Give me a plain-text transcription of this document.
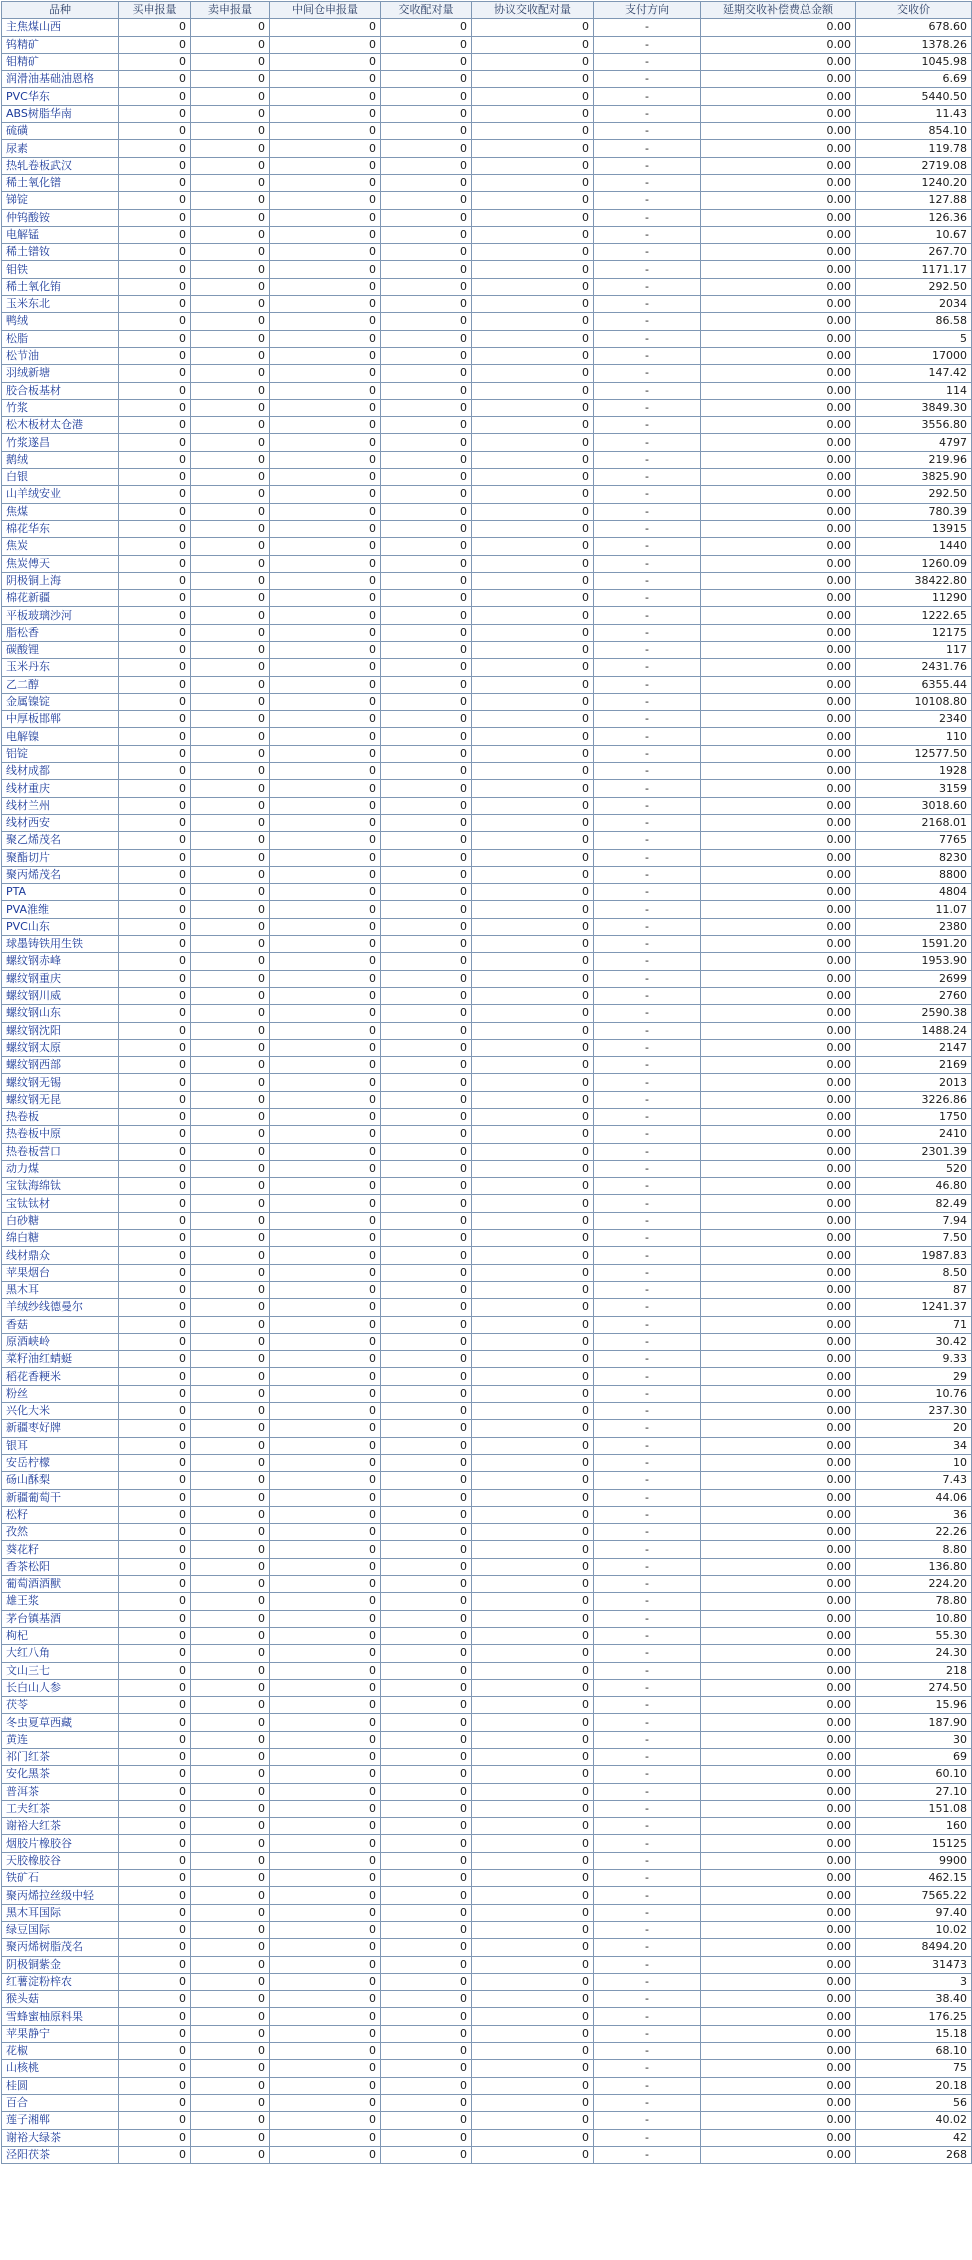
品种	买申报量	卖申报量	中间仓申报量	交收配对量	协议交收配对量	支付方向	延期交收补偿费总金额	交收价
主焦煤山西	0	0	0	0	0	-	0.00	678.60
钨精矿	0	0	0	0	0	-	0.00	1378.26
钼精矿	0	0	0	0	0	-	0.00	1045.98
润滑油基础油恩格	0	0	0	0	0	-	0.00	6.69
PVC华东	0	0	0	0	0	-	0.00	5440.50
ABS树脂华南	0	0	0	0	0	-	0.00	11.43
硫磺	0	0	0	0	0	-	0.00	854.10
尿素	0	0	0	0	0	-	0.00	119.78
热轧卷板武汉	0	0	0	0	0	-	0.00	2719.08
稀土氧化镨	0	0	0	0	0	-	0.00	1240.20
锑锭	0	0	0	0	0	-	0.00	127.88
仲钨酸铵	0	0	0	0	0	-	0.00	126.36
电解锰	0	0	0	0	0	-	0.00	10.67
稀土镨钕	0	0	0	0	0	-	0.00	267.70
钼铁	0	0	0	0	0	-	0.00	1171.17
稀土氧化铕	0	0	0	0	0	-	0.00	292.50
玉米东北	0	0	0	0	0	-	0.00	2034
鸭绒	0	0	0	0	0	-	0.00	86.58
松脂	0	0	0	0	0	-	0.00	5
松节油	0	0	0	0	0	-	0.00	17000
羽绒新塘	0	0	0	0	0	-	0.00	147.42
胶合板基材	0	0	0	0	0	-	0.00	114
竹浆	0	0	0	0	0	-	0.00	3849.30
松木板材太仓港	0	0	0	0	0	-	0.00	3556.80
竹浆遂昌	0	0	0	0	0	-	0.00	4797
鹅绒	0	0	0	0	0	-	0.00	219.96
白银	0	0	0	0	0	-	0.00	3825.90
山羊绒安业	0	0	0	0	0	-	0.00	292.50
焦煤	0	0	0	0	0	-	0.00	780.39
棉花华东	0	0	0	0	0	-	0.00	13915
焦炭	0	0	0	0	0	-	0.00	1440
焦炭傅天	0	0	0	0	0	-	0.00	1260.09
阴极铜上海	0	0	0	0	0	-	0.00	38422.80
棉花新疆	0	0	0	0	0	-	0.00	11290
平板玻璃沙河	0	0	0	0	0	-	0.00	1222.65
脂松香	0	0	0	0	0	-	0.00	12175
碳酸锂	0	0	0	0	0	-	0.00	117
玉米丹东	0	0	0	0	0	-	0.00	2431.76
乙二醇	0	0	0	0	0	-	0.00	6355.44
金属镍锭	0	0	0	0	0	-	0.00	10108.80
中厚板邯郸	0	0	0	0	0	-	0.00	2340
电解镍	0	0	0	0	0	-	0.00	110
铝锭	0	0	0	0	0	-	0.00	12577.50
线材成都	0	0	0	0	0	-	0.00	1928
线材重庆	0	0	0	0	0	-	0.00	3159
线材兰州	0	0	0	0	0	-	0.00	3018.60
线材西安	0	0	0	0	0	-	0.00	2168.01
聚乙烯茂名	0	0	0	0	0	-	0.00	7765
聚酯切片	0	0	0	0	0	-	0.00	8230
聚丙烯茂名	0	0	0	0	0	-	0.00	8800
PTA	0	0	0	0	0	-	0.00	4804
PVA淮维	0	0	0	0	0	-	0.00	11.07
PVC山东	0	0	0	0	0	-	0.00	2380
球墨铸铁用生铁	0	0	0	0	0	-	0.00	1591.20
螺纹钢赤峰	0	0	0	0	0	-	0.00	1953.90
螺纹钢重庆	0	0	0	0	0	-	0.00	2699
螺纹钢川威	0	0	0	0	0	-	0.00	2760
螺纹钢山东	0	0	0	0	0	-	0.00	2590.38
螺纹钢沈阳	0	0	0	0	0	-	0.00	1488.24
螺纹钢太原	0	0	0	0	0	-	0.00	2147
螺纹钢西部	0	0	0	0	0	-	0.00	2169
螺纹钢无锡	0	0	0	0	0	-	0.00	2013
螺纹钢无昆	0	0	0	0	0	-	0.00	3226.86
热卷板	0	0	0	0	0	-	0.00	1750
热卷板中原	0	0	0	0	0	-	0.00	2410
热卷板营口	0	0	0	0	0	-	0.00	2301.39
动力煤	0	0	0	0	0	-	0.00	520
宝钛海绵钛	0	0	0	0	0	-	0.00	46.80
宝钛钛材	0	0	0	0	0	-	0.00	82.49
白砂糖	0	0	0	0	0	-	0.00	7.94
绵白糖	0	0	0	0	0	-	0.00	7.50
线材鼎众	0	0	0	0	0	-	0.00	1987.83
苹果烟台	0	0	0	0	0	-	0.00	8.50
黑木耳	0	0	0	0	0	-	0.00	87
羊绒纱线德曼尔	0	0	0	0	0	-	0.00	1241.37
香菇	0	0	0	0	0	-	0.00	71
原酒峡岭	0	0	0	0	0	-	0.00	30.42
菜籽油红蜻蜓	0	0	0	0	0	-	0.00	9.33
稻花香粳米	0	0	0	0	0	-	0.00	29
粉丝	0	0	0	0	0	-	0.00	10.76
兴化大米	0	0	0	0	0	-	0.00	237.30
新疆枣好牌	0	0	0	0	0	-	0.00	20
银耳	0	0	0	0	0	-	0.00	34
安岳柠檬	0	0	0	0	0	-	0.00	10
砀山酥梨	0	0	0	0	0	-	0.00	7.43
新疆葡萄干	0	0	0	0	0	-	0.00	44.06
松籽	0	0	0	0	0	-	0.00	36
孜然	0	0	0	0	0	-	0.00	22.26
葵花籽	0	0	0	0	0	-	0.00	8.80
香茶松阳	0	0	0	0	0	-	0.00	136.80
葡萄酒酒獸	0	0	0	0	0	-	0.00	224.20
雄王浆	0	0	0	0	0	-	0.00	78.80
茅台镇基酒	0	0	0	0	0	-	0.00	10.80
枸杞	0	0	0	0	0	-	0.00	55.30
大红八角	0	0	0	0	0	-	0.00	24.30
文山三七	0	0	0	0	0	-	0.00	218
长白山人参	0	0	0	0	0	-	0.00	274.50
茯苓	0	0	0	0	0	-	0.00	15.96
冬虫夏草西藏	0	0	0	0	0	-	0.00	187.90
黄连	0	0	0	0	0	-	0.00	30
祁门红茶	0	0	0	0	0	-	0.00	69
安化黑茶	0	0	0	0	0	-	0.00	60.10
普洱茶	0	0	0	0	0	-	0.00	27.10
工夫红茶	0	0	0	0	0	-	0.00	151.08
谢裕大红茶	0	0	0	0	0	-	0.00	160
烟胶片橡胶谷	0	0	0	0	0	-	0.00	15125
天胶橡胶谷	0	0	0	0	0	-	0.00	9900
铁矿石	0	0	0	0	0	-	0.00	462.15
聚丙烯拉丝级中轻	0	0	0	0	0	-	0.00	7565.22
黑木耳国际	0	0	0	0	0	-	0.00	97.40
绿豆国际	0	0	0	0	0	-	0.00	10.02
聚丙烯树脂茂名	0	0	0	0	0	-	0.00	8494.20
阴极铜紫金	0	0	0	0	0	-	0.00	31473
红薯淀粉梓农	0	0	0	0	0	-	0.00	3
猴头菇	0	0	0	0	0	-	0.00	38.40
雪蜂蜜柚原料果	0	0	0	0	0	-	0.00	176.25
苹果静宁	0	0	0	0	0	-	0.00	15.18
花椒	0	0	0	0	0	-	0.00	68.10
山核桃	0	0	0	0	0	-	0.00	75
桂圆	0	0	0	0	0	-	0.00	20.18
百合	0	0	0	0	0	-	0.00	56
莲子湘郸	0	0	0	0	0	-	0.00	40.02
谢裕大绿茶	0	0	0	0	0	-	0.00	42
泾阳茯茶	0	0	0	0	0	-	0.00	268
